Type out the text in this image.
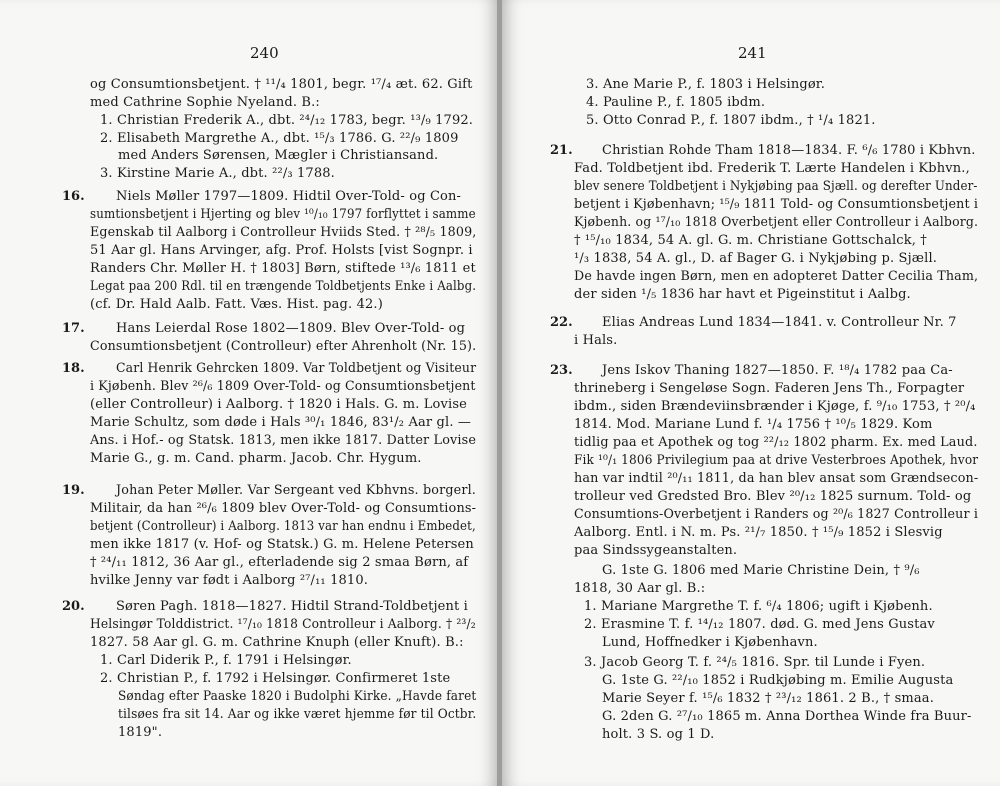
240
og Consumtionsbetjent. † ¹¹/₄ 1801, begr. ¹⁷/₄ æt. 62. Gift
med Cathrine Sophie Nyeland. B.:
1. Christian Frederik A., dbt. ²⁴/₁₂ 1783, begr. ¹³/₉ 1792.
2. Elisabeth Margrethe A., dbt. ¹⁵/₃ 1786. G. ²²/₉ 1809
med Anders Sørensen, Mægler i Christiansand.
3. Kirstine Marie A., dbt. ²²/₃ 1788.
16. Niels Møller 1797—1809. Hidtil Over-Told- og Con-
sumtionsbetjent i Hjerting og blev ¹⁰/₁₀ 1797 forflyttet i samme
Egenskab til Aalborg i Controlleur Hviids Sted. † ²⁸/₅ 1809,
51 Aar gl. Hans Arvinger, afg. Prof. Holsts [vist Sognpr. i
Randers Chr. Møller H. † 1803] Børn, stiftede ¹³/₆ 1811 et
Legat paa 200 Rdl. til en trængende Toldbetjents Enke i Aalbg.
(cf. Dr. Hald Aalb. Fatt. Væs. Hist. pag. 42.)
17. Hans Leierdal Rose 1802—1809. Blev Over-Told- og
Consumtionsbetjent (Controlleur) efter Ahrenholt (Nr. 15).
18. Carl Henrik Gehrcken 1809. Var Toldbetjent og Visiteur
i Kjøbenh. Blev ²⁶/₆ 1809 Over-Told- og Consumtionsbetjent
(eller Controlleur) i Aalborg. † 1820 i Hals. G. m. Lovise
Marie Schultz, som døde i Hals ³⁰/₁ 1846, 83¹/₂ Aar gl. —
Ans. i Hof.- og Statsk. 1813, men ikke 1817. Datter Lovise
Marie G., g. m. Cand. pharm. Jacob. Chr. Hygum.
19. Johan Peter Møller. Var Sergeant ved Kbhvns. borgerl.
Militair, da han ²⁶/₆ 1809 blev Over-Told- og Consumtions-
betjent (Controlleur) i Aalborg. 1813 var han endnu i Embedet,
men ikke 1817 (v. Hof- og Statsk.) G. m. Helene Petersen
† ²⁴/₁₁ 1812, 36 Aar gl., efterladende sig 2 smaa Børn, af
hvilke Jenny var født i Aalborg ²⁷/₁₁ 1810.
20. Søren Pagh. 1818—1827. Hidtil Strand-Toldbetjent i
Helsingør Tolddistrict. ¹⁷/₁₀ 1818 Controlleur i Aalborg. † ²³/₂
1827. 58 Aar gl. G. m. Cathrine Knuph (eller Knuft). B.:
1. Carl Diderik P., f. 1791 i Helsingør.
2. Christian P., f. 1792 i Helsingør. Confirmeret 1ste
Søndag efter Paaske 1820 i Budolphi Kirke. „Havde faret
tilsøes fra sit 14. Aar og ikke været hjemme før til Octbr.
1819".
241
3. Ane Marie P., f. 1803 i Helsingør.
4. Pauline P., f. 1805 ibdm.
5. Otto Conrad P., f. 1807 ibdm., † ¹/₄ 1821.
21. Christian Rohde Tham 1818—1834. F. ⁶/₆ 1780 i Kbhvn.
Fad. Toldbetjent ibd. Frederik T. Lærte Handelen i Kbhvn.,
blev senere Toldbetjent i Nykjøbing paa Sjæll. og derefter Under-
betjent i Kjøbenhavn; ¹⁵/₉ 1811 Told- og Consumtionsbetjent i
Kjøbenh. og ¹⁷/₁₀ 1818 Overbetjent eller Controlleur i Aalborg.
† ¹⁵/₁₀ 1834, 54 A. gl. G. m. Christiane Gottschalck, †
¹/₃ 1838, 54 A. gl., D. af Bager G. i Nykjøbing p. Sjæll.
De havde ingen Børn, men en adopteret Datter Cecilia Tham,
der siden ¹/₅ 1836 har havt et Pigeinstitut i Aalbg.
22. Elias Andreas Lund 1834—1841. v. Controlleur Nr. 7
i Hals.
23. Jens Iskov Thaning 1827—1850. F. ¹⁸/₄ 1782 paa Ca-
thrineberg i Sengeløse Sogn. Faderen Jens Th., Forpagter
ibdm., siden Brændeviinsbrænder i Kjøge, f. ⁹/₁₀ 1753, † ²⁰/₄
1814. Mod. Mariane Lund f. ¹/₄ 1756 † ¹⁰/₅ 1829. Kom
tidlig paa et Apothek og tog ²²/₁₂ 1802 pharm. Ex. med Laud.
Fik ¹⁰/₁ 1806 Privilegium paa at drive Vesterbroes Apothek, hvor
han var indtil ²⁰/₁₁ 1811, da han blev ansat som Grændsecon-
trolleur ved Gredsted Bro. Blev ²⁰/₁₂ 1825 surnum. Told- og
Consumtions-Overbetjent i Randers og ²⁰/₆ 1827 Controlleur i
Aalborg. Entl. i N. m. Ps. ²¹/₇ 1850. † ¹⁵/₉ 1852 i Slesvig
paa Sindssygeanstalten.
G. 1ste G. 1806 med Marie Christine Dein, † ⁹/₆
1818, 30 Aar gl. B.:
1. Mariane Margrethe T. f. ⁶/₄ 1806; ugift i Kjøbenh.
2. Erasmine T. f. ¹⁴/₁₂ 1807. død. G. med Jens Gustav
Lund, Hoffnedker i Kjøbenhavn.
3. Jacob Georg T. f. ²⁴/₅ 1816. Spr. til Lunde i Fyen.
G. 1ste G. ²²/₁₀ 1852 i Rudkjøbing m. Emilie Augusta
Marie Seyer f. ¹⁵/₆ 1832 † ²³/₁₂ 1861. 2 B., † smaa.
G. 2den G. ²⁷/₁₀ 1865 m. Anna Dorthea Winde fra Buur-
holt. 3 S. og 1 D.
